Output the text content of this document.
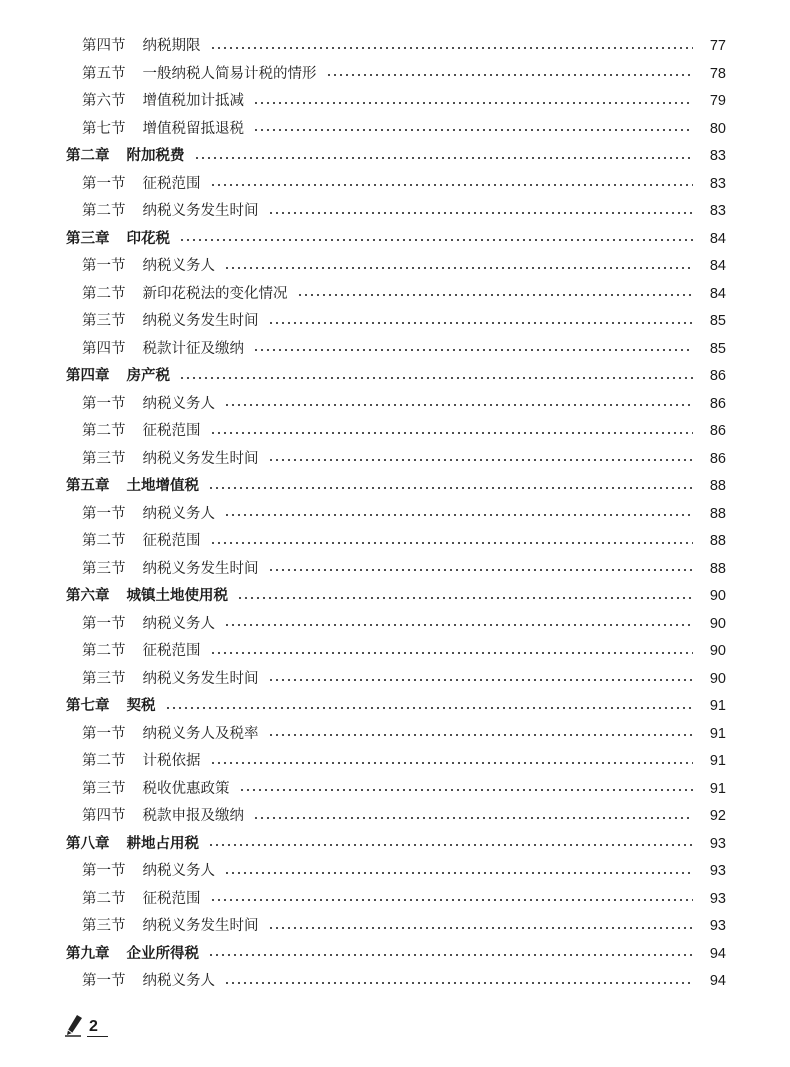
第四节 纳税期限	77
第五节 一般纳税人简易计税的情形	78
第六节 增值税加计抵减	79
第七节 增值税留抵退税	80
第二章 附加税费	83
第一节 征税范围	83
第二节 纳税义务发生时间	83
第三章 印花税	84
第一节 纳税义务人	84
第二节 新印花税法的变化情况	84
第三节 纳税义务发生时间	85
第四节 税款计征及缴纳	85
第四章 房产税	86
第一节 纳税义务人	86
第二节 征税范围	86
第三节 纳税义务发生时间	86
第五章 土地增值税	88
第一节 纳税义务人	88
第二节 征税范围	88
第三节 纳税义务发生时间	88
第六章 城镇土地使用税	90
第一节 纳税义务人	90
第二节 征税范围	90
第三节 纳税义务发生时间	90
第七章 契税	91
第一节 纳税义务人及税率	91
第二节 计税依据	91
第三节 税收优惠政策	91
第四节 税款申报及缴纳	92
第八章 耕地占用税	93
第一节 纳税义务人	93
第二节 征税范围	93
第三节 纳税义务发生时间	93
第九章 企业所得税	94
第一节 纳税义务人	94
2
